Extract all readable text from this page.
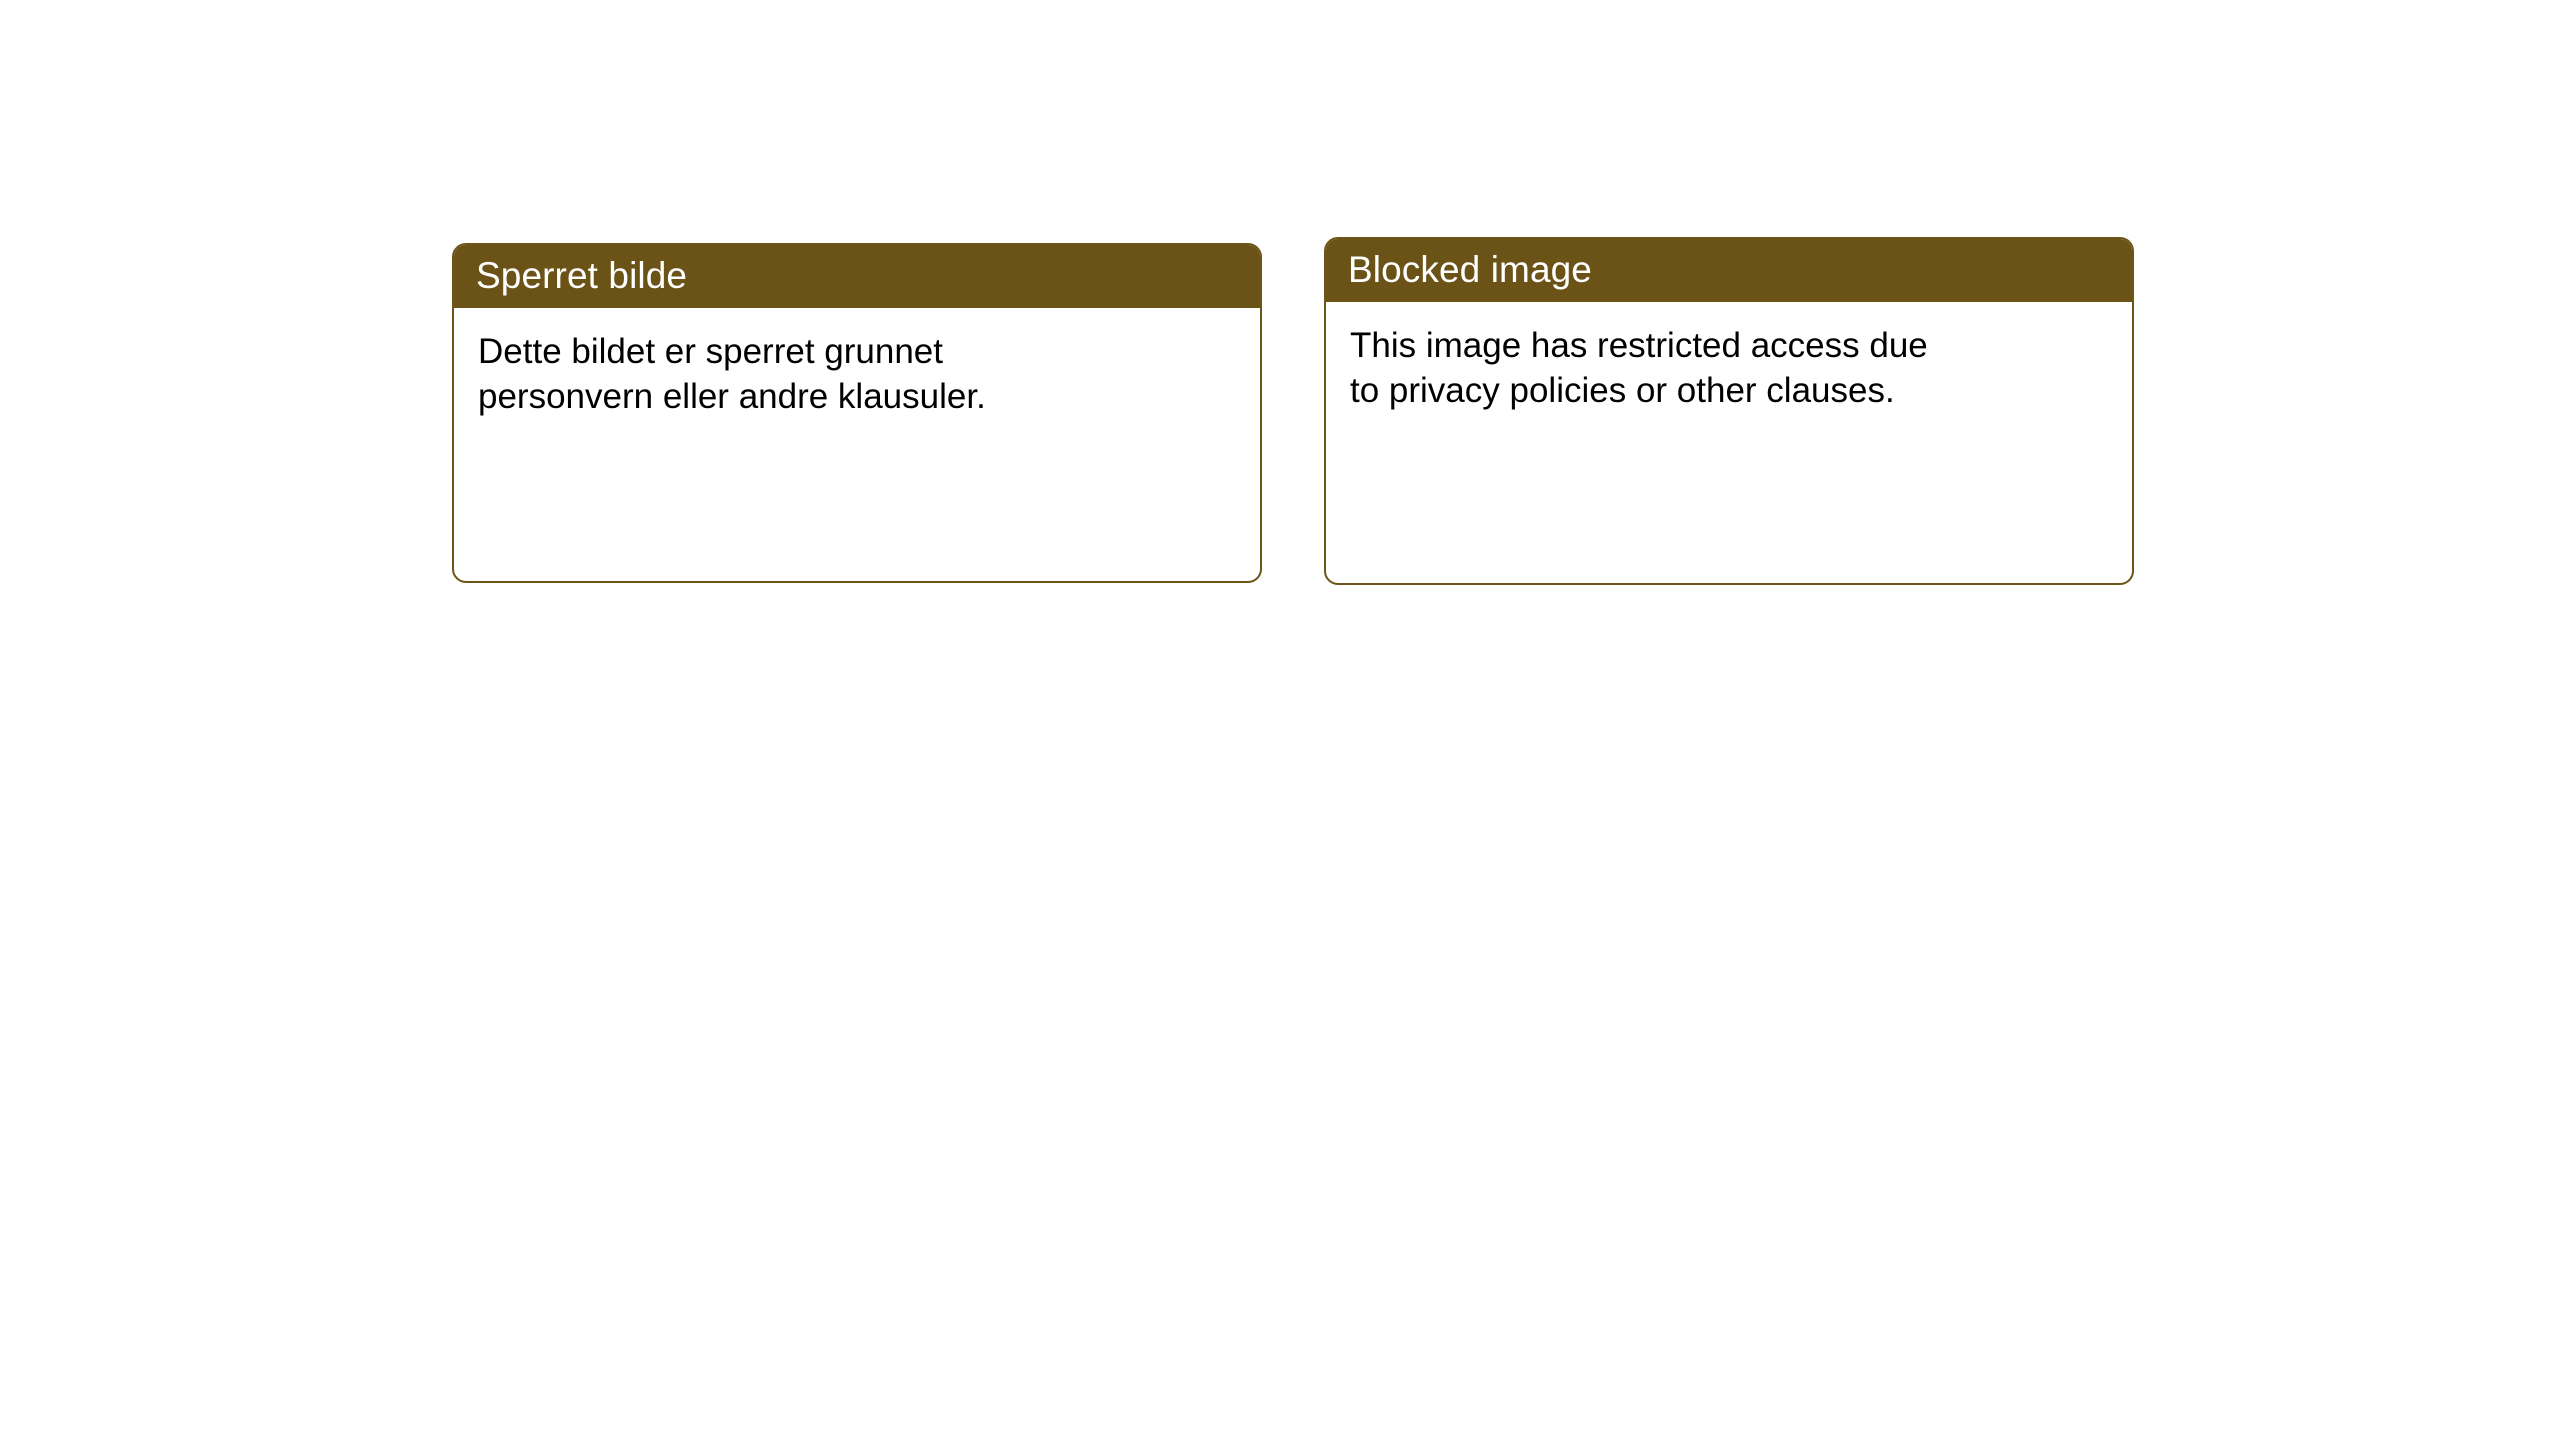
Sperret bilde
Dette bildet er sperret grunnet personvern eller andre klausuler.
Blocked image
This image has restricted access due to privacy policies or other clauses.
